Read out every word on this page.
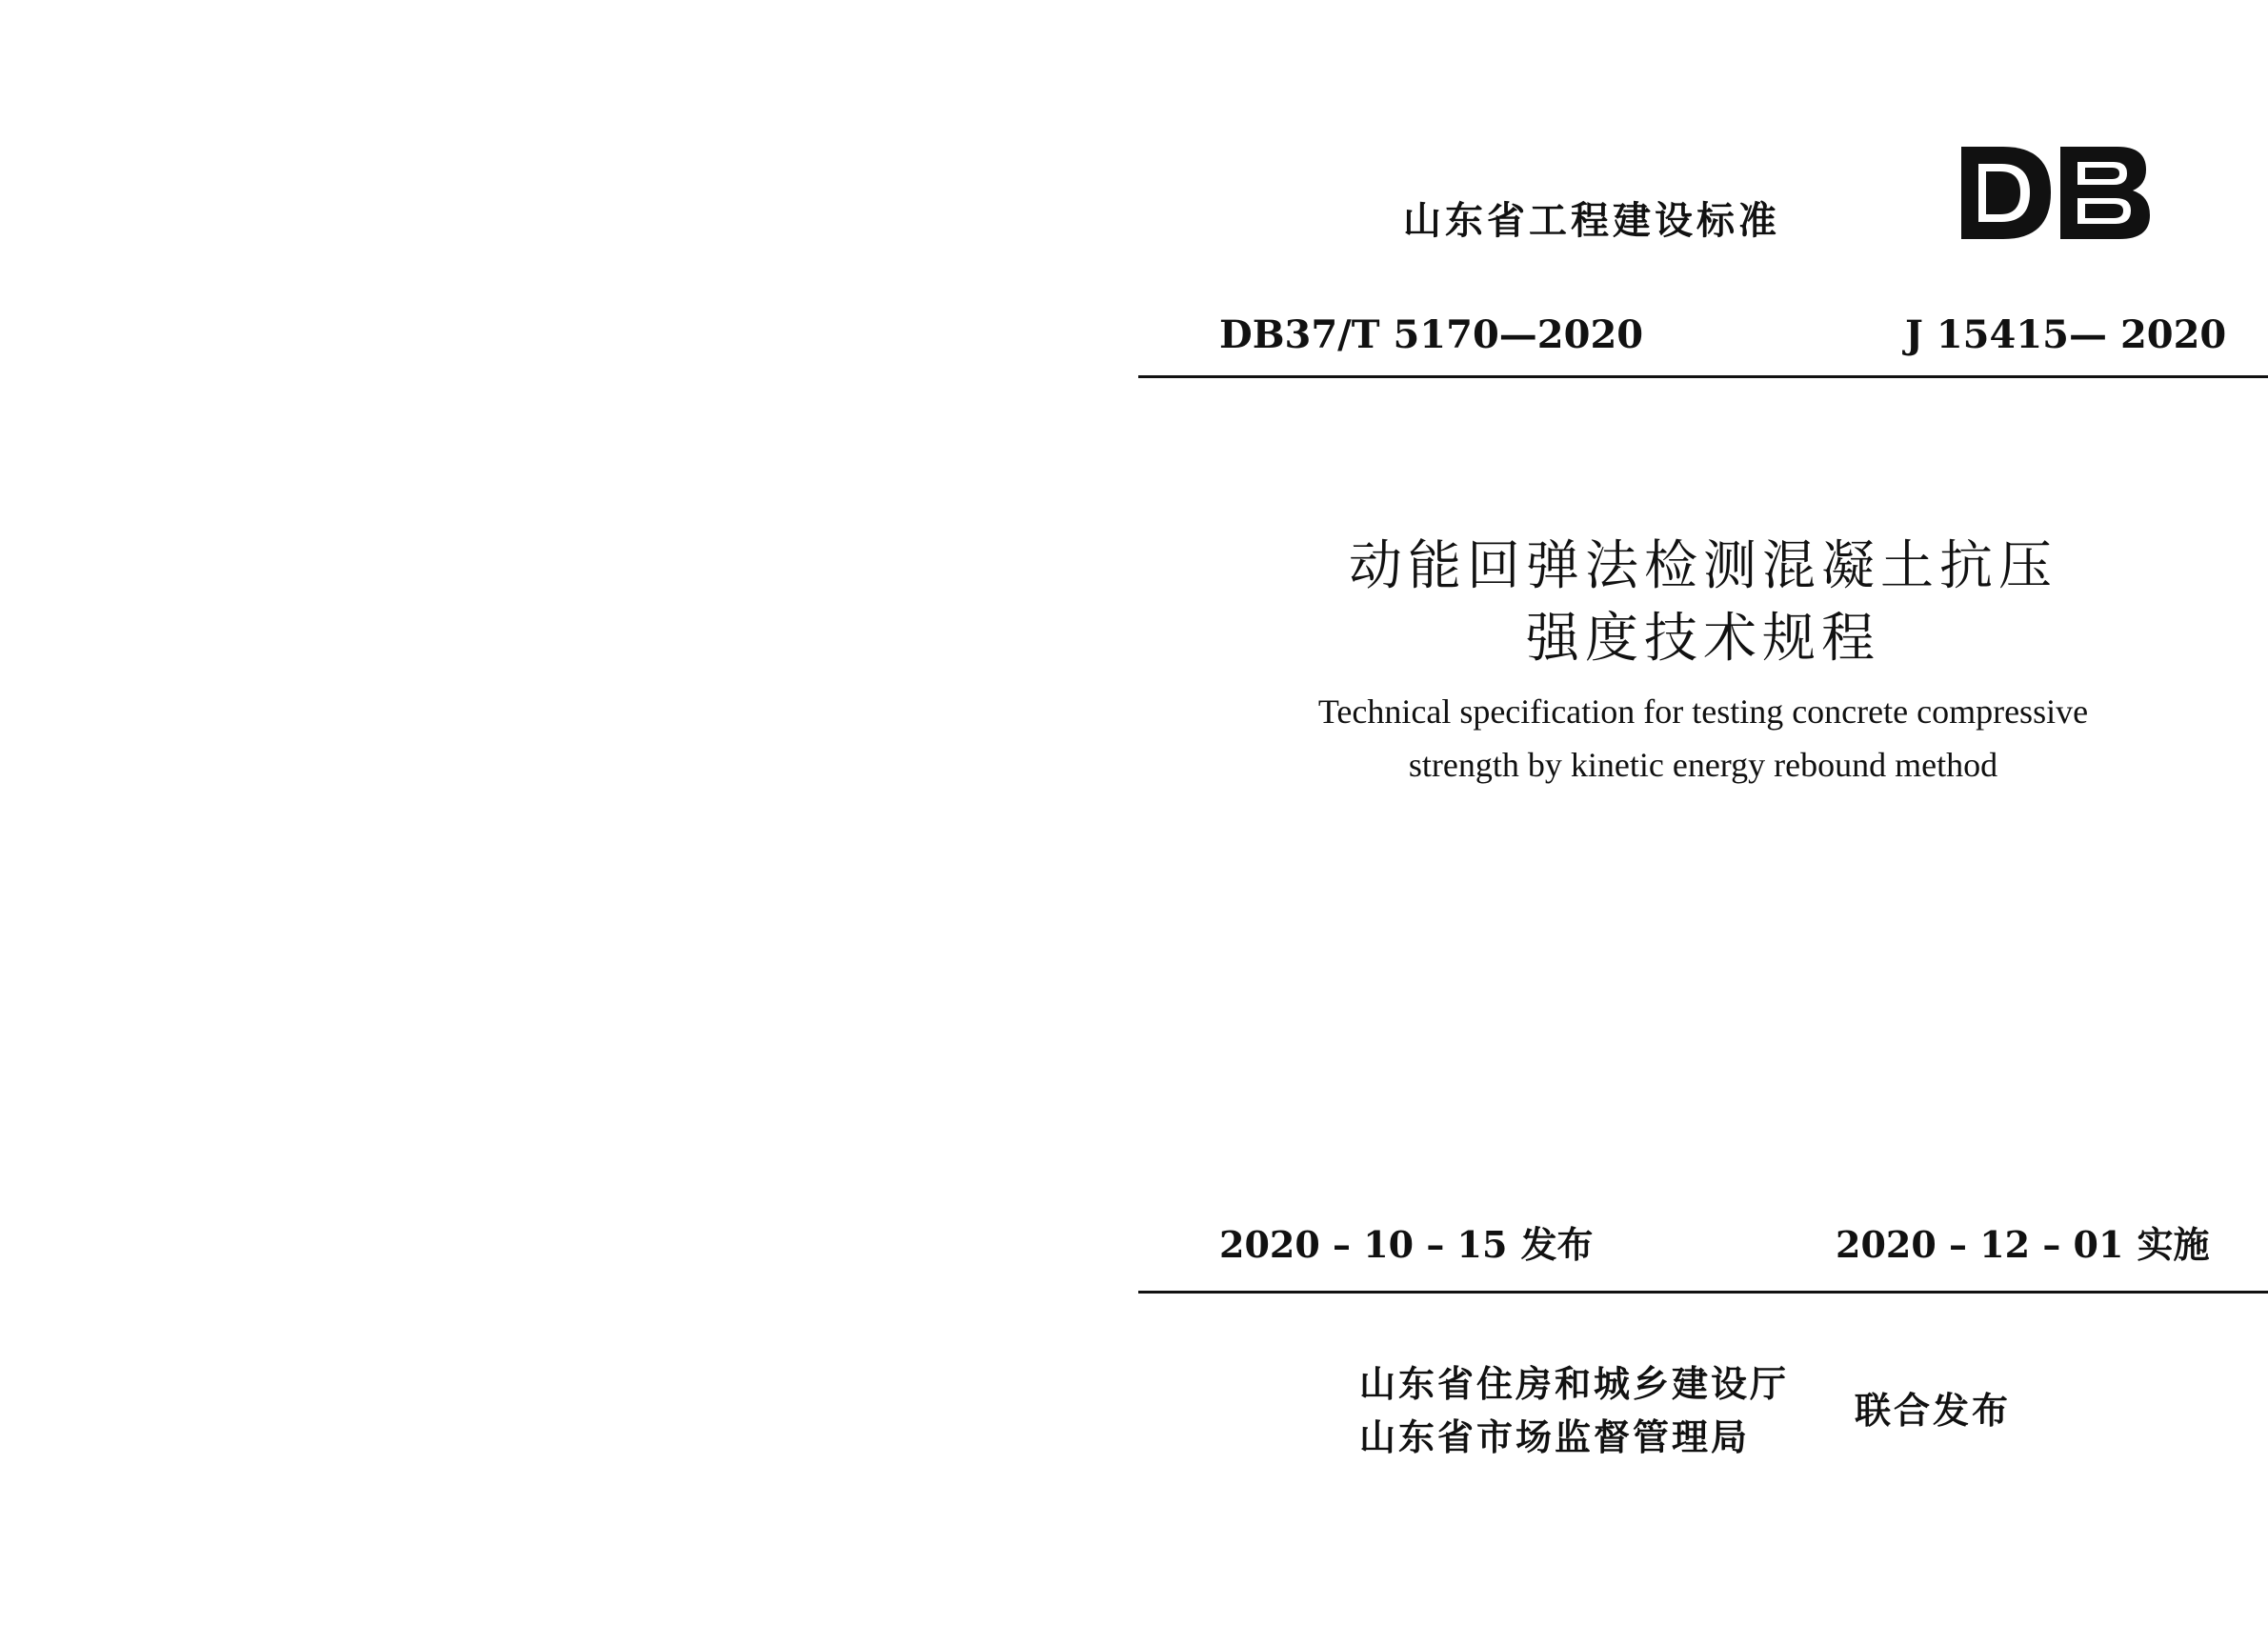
山东省工程建设标准
DB37/T 5170—2020	J 15415— 2020
动能回弹法检测混凝土抗压
强度技术规程
Technical specification for testing concrete compressive
strength by kinetic energy rebound method
2020 – 10 – 15 发布	2020 – 12 – 01 实施
山东省住房和城乡建设厅
山东省市场监督管理局
联合发布
